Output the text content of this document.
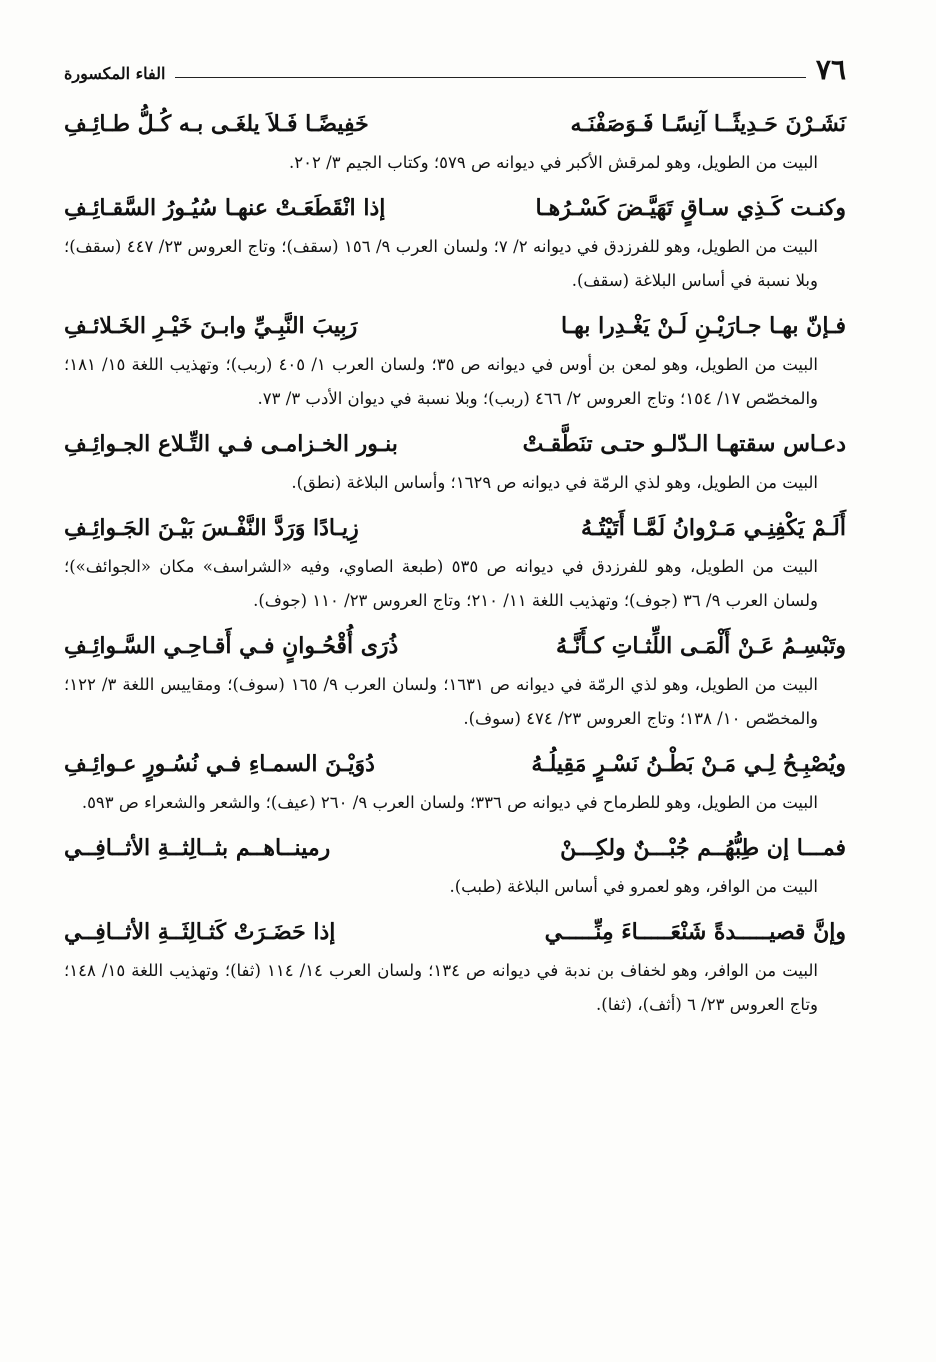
٧٦
الفاء المكسورة
نَشَـرْنَ حَـدِيثًــا آنِسًـا فَـوَصَفْنَـه
خَفِيضًـا فَـلاَ يلغَـى بـه كُـلُّ طـائِـفِ

البيت من الطويل، وهو لمرقش الأكبر في ديوانه ص ٥٧٩؛ وكتاب الجيم ٣/ ٢٠٢.

وكنـت كَـذِي سـاقٍ تَهَيَّـضَ كَسْـرُهـا
إذا انْقَطَعَـتْ عنهـا سُيُـورُ السَّقـائِـفِ

البيت من الطويل، وهو للفرزدق في ديوانه ٢/ ٧؛ ولسان العرب ٩/ ١٥٦ (سقف)؛ وتاج العروس ٢٣/ ٤٤٧ (سقف)؛ وبلا نسبة في أساس البلاغة (سقف).

فـإنّ بهـا جـارَيْـنِ لَـنْ يَغْـدِرا بهـا
رَبِيبَ النَّبِـيِّ وابـنَ خَيْـرِ الخَـلائـفِ

البيت من الطويل، وهو لمعن بن أوس في ديوانه ص ٣٥؛ ولسان العرب ١/ ٤٠٥ (ربب)؛ وتهذيب اللغة ١٥/ ١٨١؛ والمخصّص ١٧/ ١٥٤؛ وتاج العروس ٢/ ٤٦٦ (ربب)؛ وبلا نسبة في ديوان الأدب ٣/ ٧٣.

دعـاس سقتهـا الـدّلـو حتـى تنَطَّقـتْ
بنـور الخـزامـى فـي التِّـلاع الجـوائِـفِ

البيت من الطويل، وهو لذي الرمّة في ديوانه ص ١٦٢٩؛ وأساس البلاغة (نطق).

أَلَـمْ يَكْفِنِـي مَـرْوانُ لَمَّـا أَتَيْتُـهُ
زِيـادًا وَرَدَّ النَّفْـسَ بَيْـنَ الجَـوائِـفِ

البيت من الطويل، وهو للفرزدق في ديوانه ص ٥٣٥ (طبعة الصاوي، وفيه «الشراسف» مكان «الجوائف»)؛ ولسان العرب ٩/ ٣٦ (جوف)؛ وتهذيب اللغة ١١/ ٢١٠؛ وتاج العروس ٢٣/ ١١٠ (جوف).

وتَبْسِـمُ عَـنْ أَلْمَـى اللِّثـاتِ كـأَنَّـهُ
ذُرَى أُقْحُـوانٍ فـي أَقـاحِـي السَّـوائِـفِ

البيت من الطويل، وهو لذي الرمّة في ديوانه ص ١٦٣١؛ ولسان العرب ٩/ ١٦٥ (سوف)؛ ومقاييس اللغة ٣/ ١٢٢؛ والمخصّص ١٠/ ١٣٨؛ وتاج العروس ٢٣/ ٤٧٤ (سوف).

ويُصْبِـحُ لِـي مَـنْ بَطْـنُ نَسْـرٍ مَقِيلُـهُ
دُوَيْـنَ السمـاءِ فـي نُسُـورٍ عـوائِـفِ

البيت من الطويل، وهو للطرماح في ديوانه ص ٣٣٦؛ ولسان العرب ٩/ ٢٦٠ (عيف)؛ والشعر والشعراء ص ٥٩٣.

فمـــا إن طِبُّهُــم جُبْـــنٌ ولكِـــنْ
رمينــاهــم بثــالِثــةِ الأثــافِــي

البيت من الوافر، وهو لعمرو في أساس البلاغة (طبب).

وإنَّ قصيـــــدةً شَنْعَـــــاءَ مِنِّـــــي
إذا حَضَـرَتْ كَثـالِثَــةِ الأثــافِــي

البيت من الوافر، وهو لخفاف بن ندبة في ديوانه ص ١٣٤؛ ولسان العرب ١٤/ ١١٤ (ثفا)؛ وتهذيب اللغة ١٥/ ١٤٨؛ وتاج العروس ٢٣/ ٦ (أثف)، (ثفا).
